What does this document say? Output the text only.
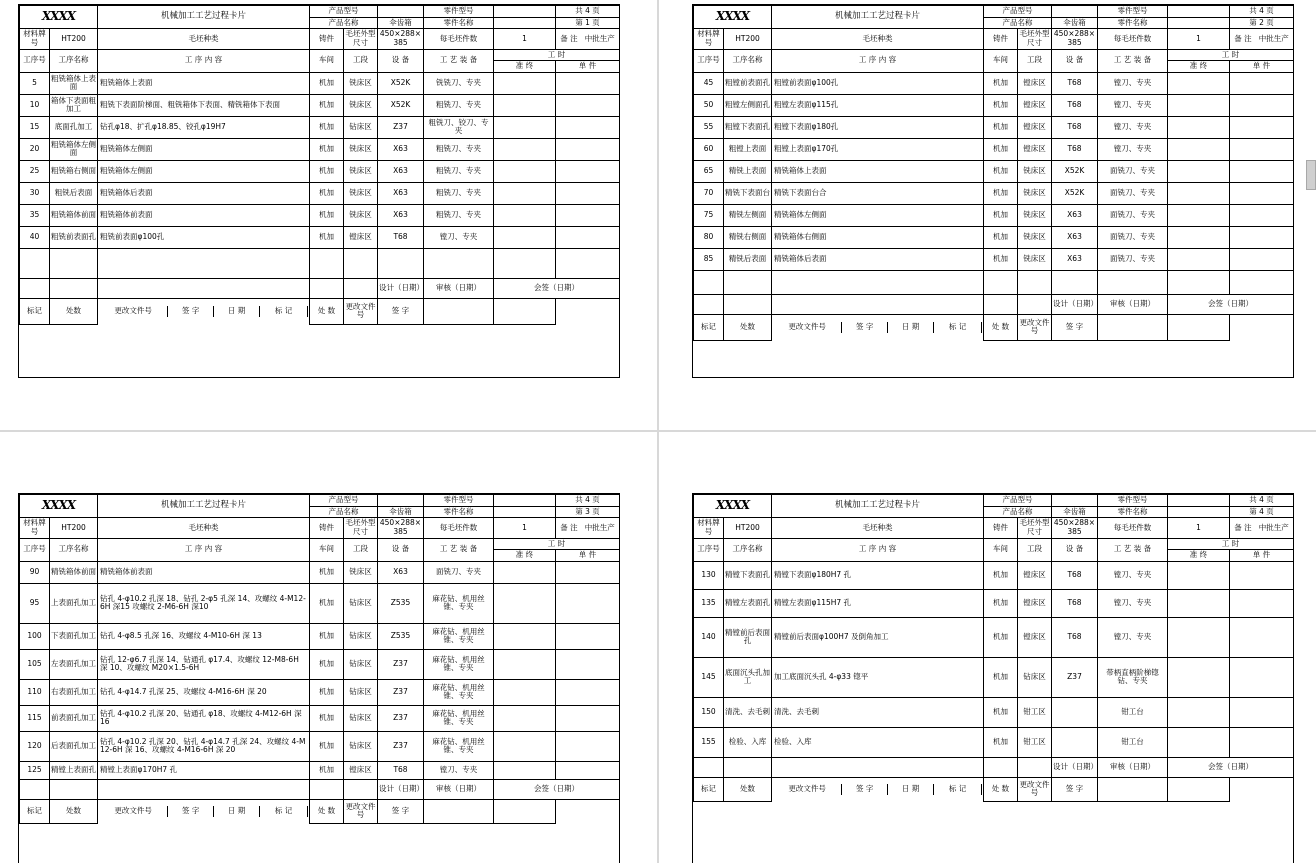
XXXX	机械加工工艺过程卡片	产品型号		零件型号		共 4 页
产品名称	伞齿箱	零件名称		第 1 页
材料牌号	HT200	毛坯种类	铸件	毛坯外型尺寸	450×288×385	每毛坯件数	1	备 注 中批生产
工序号	工序名称	工 序 内 容	车间	工段	设 备	工 艺 装 备	工 时
准 终	单 件
5	粗铣箱体上表面	粗铣箱体上表面	机加	铣床区	X52K	铣铣刀、专夹		
10	箱体下表面粗加工	粗铣下表面阶梯面、粗铣箱体下表面、精铣箱体下表面	机加	铣床区	X52K	粗铣刀、专夹		
15	底面孔加工	钻孔φ18、扩孔φ18.85、铰孔φ19H7	机加	钻床区	Z37	粗铣刀、铰刀、专夹		
20	粗铣箱体左侧面	粗铣箱体左侧面	机加	铣床区	X63	粗铣刀、专夹		
25	粗铣箱右侧面	粗铣箱体左侧面	机加	铣床区	X63	粗铣刀、专夹		
30	粗铣后表面	粗铣箱体后表面	机加	铣床区	X63	粗铣刀、专夹		
35	粗铣箱体前面	粗铣箱体前表面	机加	铣床区	X63	粗铣刀、专夹		
40	粗铣前表面孔	粗铣前表面φ100孔	机加	镗床区	T68	镗刀、专夹		

					设计（日期）	审核（日期）	会签（日期）
标记	处数		更改文件号	签 字	日 期	标 记
		处 数	更改文件号	签 字		
XXXX	机械加工工艺过程卡片	产品型号		零件型号		共 4 页
产品名称	伞齿箱	零件名称		第 2 页
材料牌号	HT200	毛坯种类	铸件	毛坯外型尺寸	450×288×385	每毛坯件数	1	备 注 中批生产
工序号	工序名称	工 序 内 容	车间	工段	设 备	工 艺 装 备	工 时
准 终	单 件
45	粗镗前表面孔	粗镗前表面φ100孔	机加	镗床区	T68	镗刀、专夹		
50	粗镗左侧面孔	粗镗左表面φ115孔	机加	镗床区	T68	镗刀、专夹		
55	粗镗下表面孔	粗镗下表面φ180孔	机加	镗床区	T68	镗刀、专夹		
60	粗镗上表面	粗镗上表面φ170孔	机加	镗床区	T68	镗刀、专夹		
65	精铣上表面	精铣箱体上表面	机加	铣床区	X52K	面铣刀、专夹		
70	精铣下表面台	精铣下表面台合	机加	铣床区	X52K	面铣刀、专夹		
75	精铣左侧面	精铣箱体左侧面	机加	铣床区	X63	面铣刀、专夹		
80	精铣右侧面	精铣箱体右侧面	机加	铣床区	X63	面铣刀、专夹		
85	精铣后表面	精铣箱体后表面	机加	铣床区	X63	面铣刀、专夹		

					设计（日期）	审核（日期）	会签（日期）
标记	处数		更改文件号	签 字	日 期	标 记
		处 数	更改文件号	签 字		
XXXX	机械加工工艺过程卡片	产品型号		零件型号		共 4 页
产品名称	伞齿箱	零件名称		第 3 页
材料牌号	HT200	毛坯种类	铸件	毛坯外型尺寸	450×288×385	每毛坯件数	1	备 注 中批生产
工序号	工序名称	工 序 内 容	车间	工段	设 备	工 艺 装 备	工 时
准 终	单 件
90	精铣箱体前面	精铣箱体前表面	机加	铣床区	X63	面铣刀、专夹		
95	上表面孔加工	钻孔 4-φ10.2 孔深 18、钻孔 2-φ5 孔深 14、攻螺纹 4-M12-6H 深15 攻螺纹 2-M6-6H 深10	机加	钻床区	Z535	麻花钻、机用丝锥、专夹		
100	下表面孔加工	钻孔 4-φ8.5 孔深 16、攻螺纹 4-M10-6H 深 13	机加	钻床区	Z535	麻花钻、机用丝锥、专夹		
105	左表面孔加工	钻孔 12-φ6.7 孔深 14、钻通孔 φ17.4、攻螺纹 12-M8-6H 深 10、攻螺纹 M20×1.5-6H	机加	钻床区	Z37	麻花钻、机用丝锥、专夹		
110	右表面孔加工	钻孔 4-φ14.7 孔深 25、攻螺纹 4-M16-6H 深 20	机加	钻床区	Z37	麻花钻、机用丝锥、专夹		
115	前表面孔加工	钻孔 4-φ10.2 孔深 20、钻通孔 φ18、攻螺纹 4-M12-6H 深 16	机加	钻床区	Z37	麻花钻、机用丝锥、专夹		
120	后表面孔加工	钻孔 4-φ10.2 孔深 20、钻孔 4-φ14.7 孔深 24、攻螺纹 4-M12-6H 深 16、攻螺纹 4-M16-6H 深 20	机加	钻床区	Z37	麻花钻、机用丝锥、专夹		
125	精镗上表面孔	精镗上表面φ170H7 孔	机加	镗床区	T68	镗刀、专夹		
					设计（日期）	审核（日期）	会签（日期）
标记	处数		更改文件号	签 字	日 期	标 记
		处 数	更改文件号	签 字		
XXXX	机械加工工艺过程卡片	产品型号		零件型号		共 4 页
产品名称	伞齿箱	零件名称		第 4 页
材料牌号	HT200	毛坯种类	铸件	毛坯外型尺寸	450×288×385	每毛坯件数	1	备 注 中批生产
工序号	工序名称	工 序 内 容	车间	工段	设 备	工 艺 装 备	工 时
准 终	单 件
130	精镗下表面孔	精镗下表面φ180H7 孔	机加	镗床区	T68	镗刀、专夹		
135	精镗左表面孔	精镗左表面φ115H7 孔	机加	镗床区	T68	镗刀、专夹		
140	精镗前后表面孔	精镗前后表面φ100H7 及倒角加工	机加	镗床区	T68	镗刀、专夹		
145	底面沉头孔加工	加工底面沉头孔 4-φ33 锪平	机加	钻床区	Z37	带柄直柄阶梯锪钻、专夹		
150	清洗、去毛刺	清洗、去毛刺	机加	钳工区		钳工台		
155	检验、入库	检验、入库	机加	钳工区		钳工台		
					设计（日期）	审核（日期）	会签（日期）
标记	处数		更改文件号	签 字	日 期	标 记
		处 数	更改文件号	签 字		
